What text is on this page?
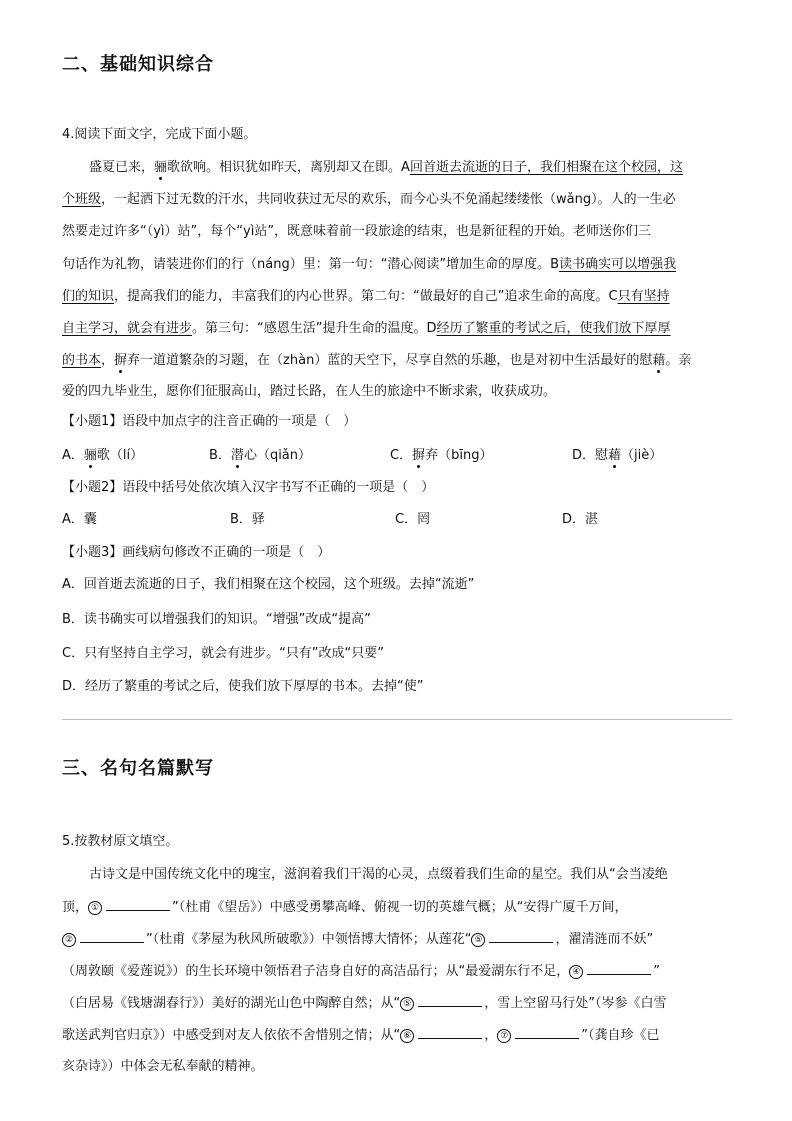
二、基础知识综合
4.阅读下面文字，完成下面小题。
盛夏已来，骊歌欲响。相识犹如昨天，离别却又在即。A回首逝去流逝的日子，我们相聚在这个校园，这
个班级，一起洒下过无数的汗水，共同收获过无尽的欢乐，而今心头不免涌起缕缕怅（wǎng）。人的一生必
然要走过许多“（yì）站”，每个“yì站”，既意味着前一段旅途的结束，也是新征程的开始。老师送你们三
句话作为礼物，请装进你们的行（náng）里：第一句：“潜心阅读”增加生命的厚度。B读书确实可以增强我
们的知识，提高我们的能力，丰富我们的内心世界。第二句：“做最好的自己”追求生命的高度。C只有坚持
自主学习，就会有进步。第三句：“感恩生活”提升生命的温度。D经历了繁重的考试之后，使我们放下厚厚
的书本，摒弃一道道繁杂的习题，在（zhàn）蓝的天空下，尽享自然的乐趣，也是对初中生活最好的慰藉。亲
爱的四九毕业生，愿你们征服高山，踏过长路，在人生的旅途中不断求索，收获成功。
【小题1】语段中加点字的注音正确的一项是（　）
A．骊歌（lí）	B．潜心（qiǎn）	C．摒弃（bīng）	D．慰藉（jiè）
【小题2】语段中括号处依次填入汉字书写不正确的一项是（　）
A．囊	B．驿	C．罔	D．湛
【小题3】画线病句修改不正确的一项是（　）
A．回首逝去流逝的日子，我们相聚在这个校园，这个班级。去掉“流逝”
B．读书确实可以增强我们的知识。“增强”改成“提高”
C．只有坚持自主学习，就会有进步。“只有”改成“只要”
D．经历了繁重的考试之后，使我们放下厚厚的书本。去掉“使”
三、名句名篇默写
5.按教材原文填空。
古诗文是中国传统文化中的瑰宝，滋润着我们干渴的心灵，点缀着我们生命的星空。我们从“会当凌绝
顶， ①	”（杜甫《望岳》）中感受勇攀高峰、俯视一切的英雄气概；从“安得广厦千万间，
②	”（杜甫《茅屋为秋风所破歌》）中领悟博大情怀；从莲花“ ⑤	，濯清涟而不妖”
（周敦颐《爱莲说》）的生长环境中领悟君子洁身自好的高洁品行；从“最爱湖东行不足， ④	”
（白居易《钱塘湖春行》）美好的湖光山色中陶醉自然；从“ ⑤	，雪上空留马行处”（岑参《白雪
歌送武判官归京》）中感受到对友人依依不舍惜别之情；从“ ⑥	， ⑦	”（龚自珍《已
亥杂诗》）中体会无私奉献的精神。
